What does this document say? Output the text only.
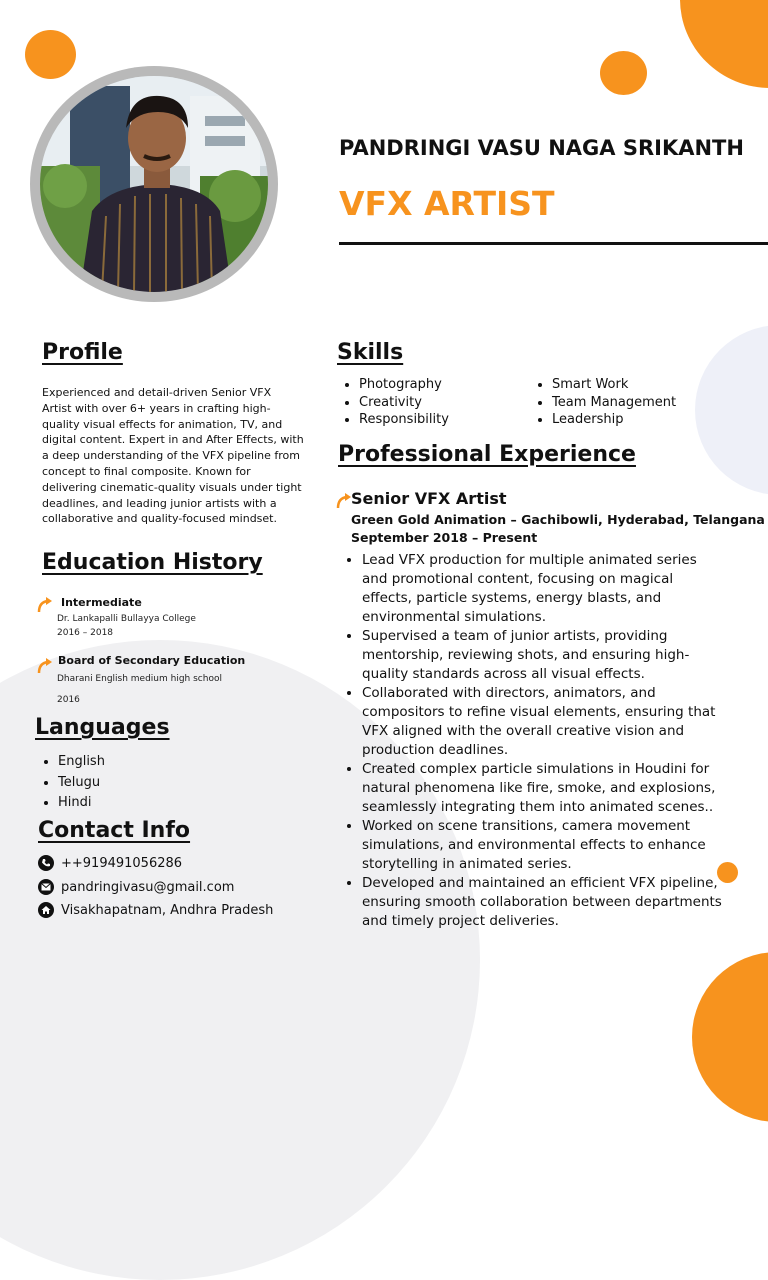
PANDRINGI VASU NAGA SRIKANTH
VFX ARTIST
Profile
Experienced and detail-driven Senior VFX Artist with over 6+ years in crafting high-quality visual effects for animation, TV, and digital content. Expert in and After Effects, with a deep understanding of the VFX pipeline from concept to final composite. Known for delivering cinematic-quality visuals under tight deadlines, and leading junior artists with a collaborative and quality-focused mindset.
Education History
Intermediate
Dr. Lankapalli Bullayya College
2016 – 2018
Board of Secondary Education
Dharani English medium high school
2016
Languages
• English
• Telugu
• Hindi
Contact Info
++919491056286
pandringivasu@gmail.com
Visakhapatnam, Andhra Pradesh
Skills
• Photography
• Creativity
• Responsibility
• Smart Work
• Team Management
• Leadership
Professional Experience
Senior VFX Artist
Green Gold Animation – Gachibowli, Hyderabad, Telangana
September 2018 – Present
• Lead VFX production for multiple animated series and promotional content, focusing on magical effects, particle systems, energy blasts, and environmental simulations.
• Supervised a team of junior artists, providing mentorship, reviewing shots, and ensuring high-quality standards across all visual effects.
• Collaborated with directors, animators, and compositors to refine visual elements, ensuring that VFX aligned with the overall creative vision and production deadlines.
• Created complex particle simulations in Houdini for natural phenomena like fire, smoke, and explosions, seamlessly integrating them into animated scenes..
• Worked on scene transitions, camera movement simulations, and environmental effects to enhance storytelling in animated series.
• Developed and maintained an efficient VFX pipeline, ensuring smooth collaboration between departments and timely project deliveries.
